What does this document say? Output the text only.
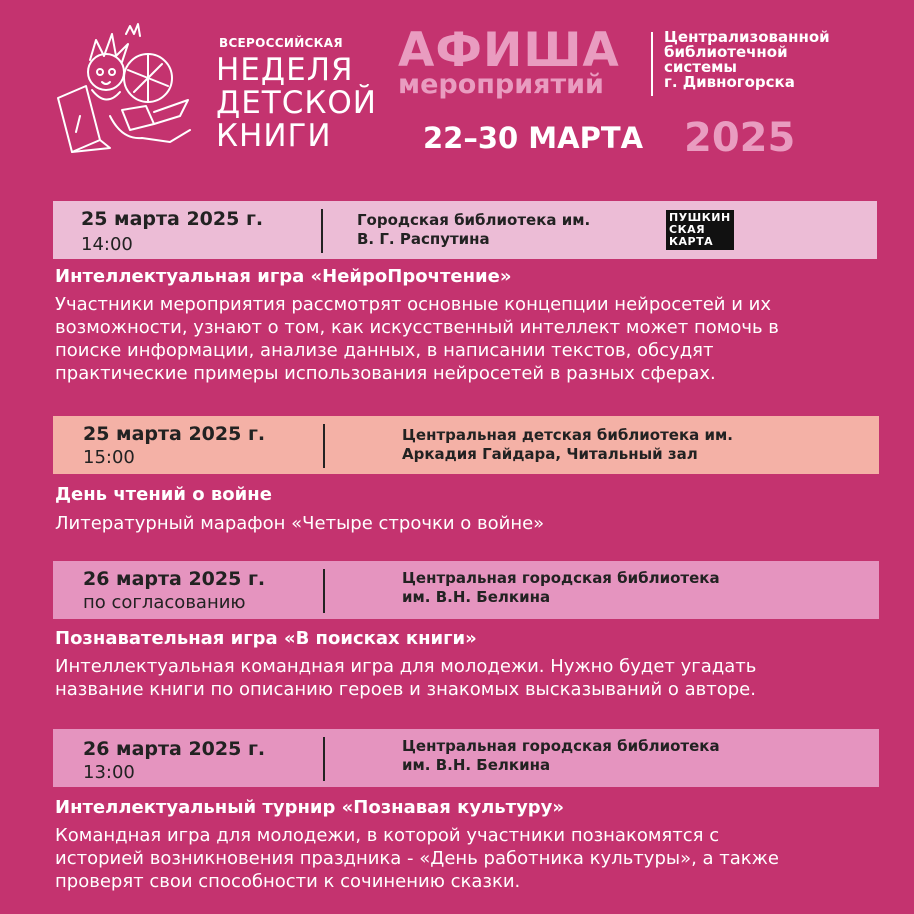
ВСЕРОССИЙСКАЯ
НЕДЕЛЯ
ДЕТСКОЙ
КНИГИ
АФИША
мероприятий
Централизованной
библиотечной
системы
г. Дивногорска
22–30 МАРТА 2025
25 марта 2025 г.
14:00
Городская библиотека им.
В. Г. Распутина
ПУШКИН
СКАЯ
КАРТА
Интеллектуальная игра «НейроПрочтение»
Участники мероприятия рассмотрят основные концепции нейросетей и их
возможности, узнают о том, как искусственный интеллект может помочь в
поиске информации, анализе данных, в написании текстов, обсудят
практические примеры использования нейросетей в разных сферах.
25 марта 2025 г.
15:00
Центральная детская библиотека им.
Аркадия Гайдара, Читальный зал
День чтений о войне
Литературный марафон «Четыре строчки о войне»
26 марта 2025 г.
по согласованию
Центральная городская библиотека
им. В.Н. Белкина
Познавательная игра «В поисках книги»
Интеллектуальная командная игра для молодежи. Нужно будет угадать
название книги по описанию героев и знакомых высказываний о авторе.
26 марта 2025 г.
13:00
Центральная городская библиотека
им. В.Н. Белкина
Интеллектуальный турнир «Познавая культуру»
Командная игра для молодежи, в которой участники познакомятся с
историей возникновения праздника - «День работника культуры», а также
проверят свои способности к сочинению сказки.
